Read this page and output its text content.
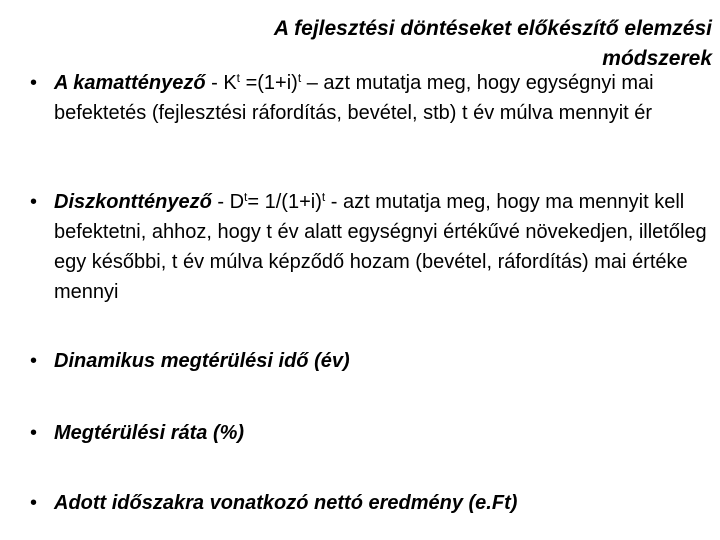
A fejlesztési döntéseket előkészítő elemzési módszerek
• A kamattényező - $K^t =(1+i)^t$ – azt mutatja meg, hogy egységnyi mai befektetés (fejlesztési ráfordítás, bevétel, stb) t év múlva mennyit ér
• Diszkonttényező - $D^t= 1/(1+i)^t$ - azt mutatja meg, hogy ma mennyit kell befektetni, ahhoz, hogy t év alatt egységnyi értékűvé növekedjen, illetőleg egy későbbi, t év múlva képződő hozam (bevétel, ráfordítás) mai értéke mennyi
• Dinamikus megtérülési idő (év)
• Megtérülési ráta (%)
• Adott időszakra vonatkozó nettó eredmény (e.Ft)
